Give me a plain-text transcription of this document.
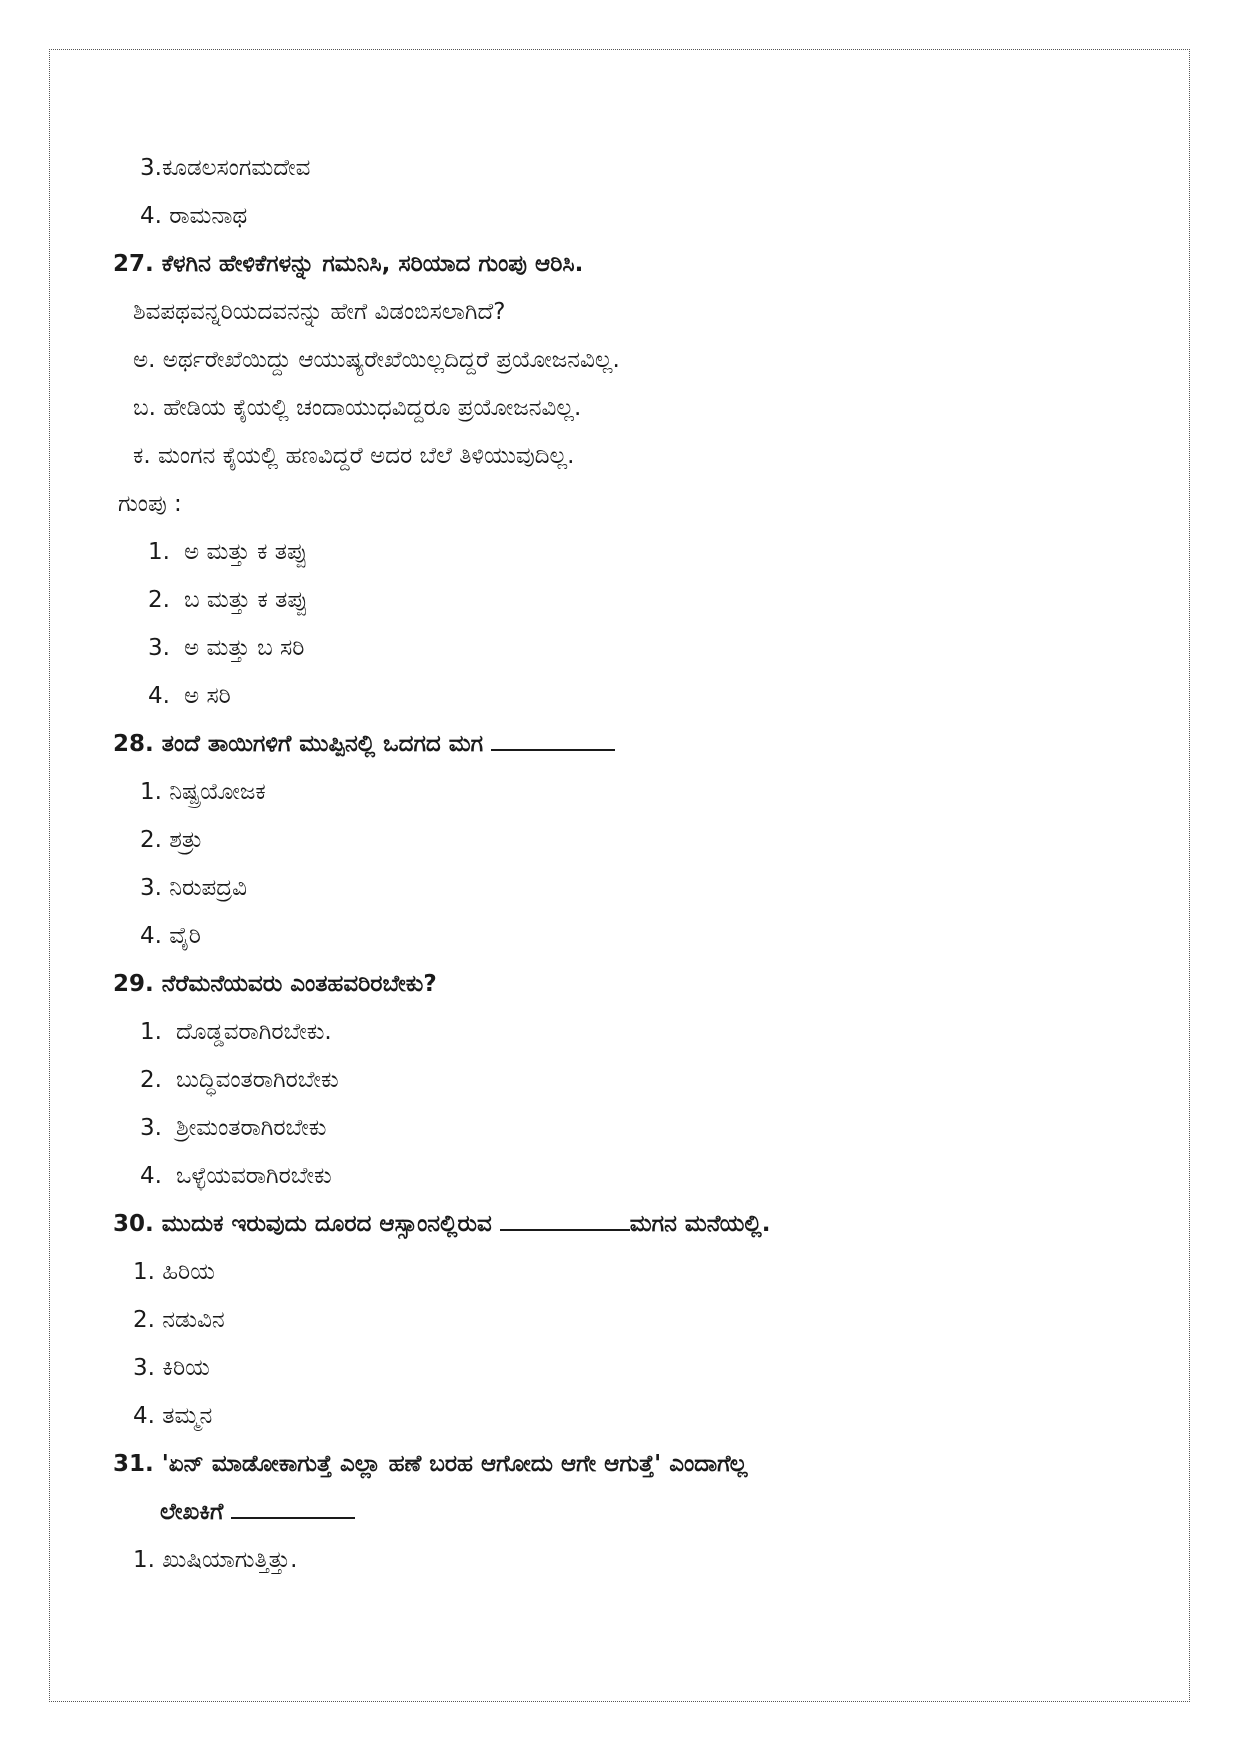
3.ಕೂಡಲಸಂಗಮದೇವ
4. ರಾಮನಾಥ
27. ಕೆಳಗಿನ ಹೇಳಿಕೆಗಳನ್ನು ಗಮನಿಸಿ, ಸರಿಯಾದ ಗುಂಪು ಆರಿಸಿ.
ಶಿವಪಥವನ್ನರಿಯದವನನ್ನು ಹೇಗೆ ವಿಡಂಬಿಸಲಾಗಿದೆ?
ಅ. ಅರ್ಥರೇಖೆಯಿದ್ದು ಆಯುಷ್ಯರೇಖೆಯಿಲ್ಲದಿದ್ದರೆ ಪ್ರಯೋಜನವಿಲ್ಲ.
ಬ. ಹೇಡಿಯ ಕೈಯಲ್ಲಿ ಚಂದಾಯುಧವಿದ್ದರೂ ಪ್ರಯೋಜನವಿಲ್ಲ.
ಕ. ಮಂಗನ ಕೈಯಲ್ಲಿ ಹಣವಿದ್ದರೆ ಅದರ ಬೆಲೆ ತಿಳಿಯುವುದಿಲ್ಲ.
ಗುಂಪು :
1. ಅ ಮತ್ತು ಕ ತಪ್ಪು
2. ಬ ಮತ್ತು ಕ ತಪ್ಪು
3. ಅ ಮತ್ತು ಬ ಸರಿ
4. ಅ ಸರಿ
28. ತಂದೆ ತಾಯಿಗಳಿಗೆ ಮುಪ್ಪಿನಲ್ಲಿ ಒದಗದ ಮಗ
1. ನಿಷ್ಪ್ರಯೋಜಕ
2. ಶತ್ರು
3. ನಿರುಪದ್ರವಿ
4. ವೈರಿ
29. ನೆರೆಮನೆಯವರು ಎಂತಹವರಿರಬೇಕು?
1. ದೊಡ್ಡವರಾಗಿರಬೇಕು.
2. ಬುದ್ಧಿವಂತರಾಗಿರಬೇಕು
3. ಶ್ರೀಮಂತರಾಗಿರಬೇಕು
4. ಒಳ್ಳೆಯವರಾಗಿರಬೇಕು
30. ಮುದುಕ ಇರುವುದು ದೂರದ ಆಸ್ಸಾಂನಲ್ಲಿರುವ	ಮಗನ ಮನೆಯಲ್ಲಿ.
1. ಹಿರಿಯ
2. ನಡುವಿನ
3. ಕಿರಿಯ
4. ತಮ್ಮನ
31. 'ಏನ್ ಮಾಡೋಕಾಗುತ್ತೆ ಎಲ್ಲಾ ಹಣೆ ಬರಹ ಆಗೋದು ಆಗೇ ಆಗುತ್ತೆ' ಎಂದಾಗೆಲ್ಲ
ಲೇಖಕಿಗೆ
1. ಖುಷಿಯಾಗುತ್ತಿತ್ತು.
